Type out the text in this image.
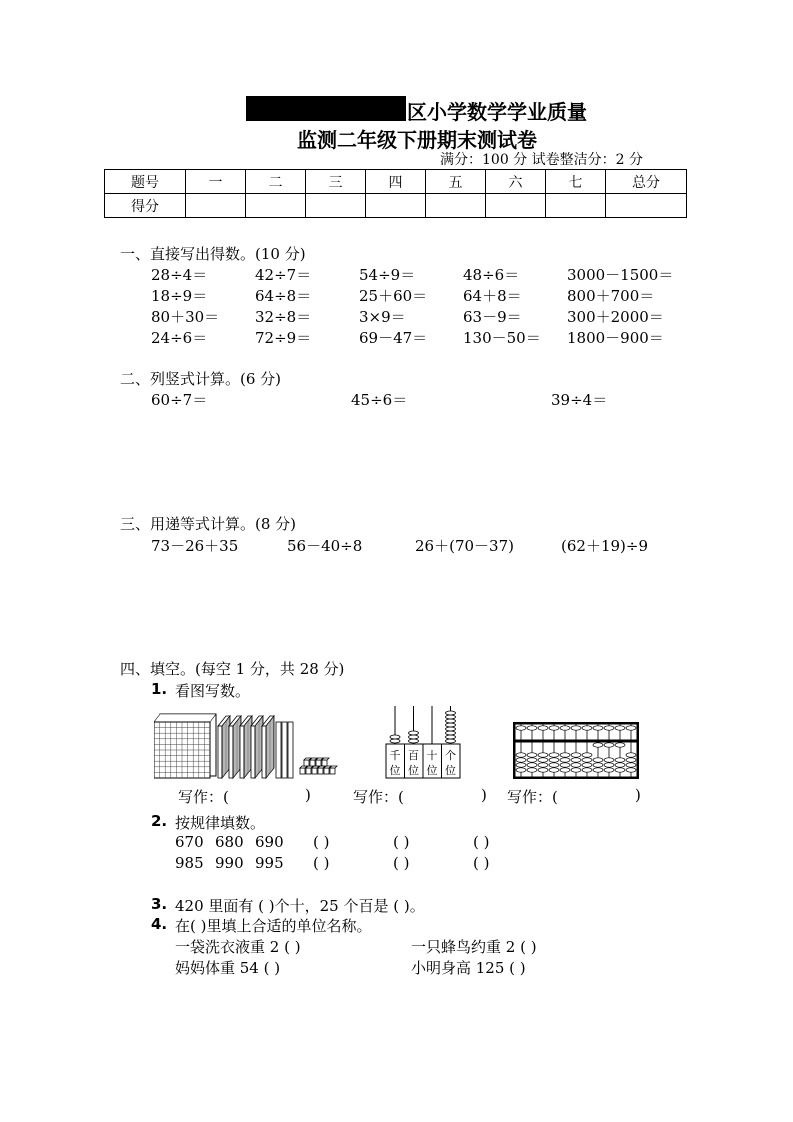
区小学数学学业质量
监测二年级下册期末测试卷
满分：100 分 试卷整洁分：2 分
题号	一	二	三	四	五	六	七	总分
得分								
一、直接写出得数。(10 分)
28÷4＝	42÷7＝	54÷9＝	48÷6＝	3000－1500＝
18÷9＝	64÷8＝	25＋60＝ 64＋8＝	800＋700＝
80＋30＝ 32÷8＝	3×9＝	63－9＝	300＋2000＝
24÷6＝	72÷9＝	69－47＝ 130－50＝ 1800－900＝
二、列竖式计算。(6 分)
60÷7＝	45÷6＝	39÷4＝
三、用递等式计算。(8 分)
73－26＋35	56－40÷8	26＋(70－37)	(62＋19)÷9
四、填空。(每空 1 分，共 28 分)
1. 看图写数。
千
位
百
位
十
位
个
位
写作：(	)	写作：(	) 写作：(	)
2. 按规律填数。
670 680 690 ( )	( )	( )
985 990 995 ( )	( )	( )
3. 420 里面有 ( )个十，25 个百是 ( )。
4. 在( )里填上合适的单位名称。
一袋洗衣液重 2 ( )	一只蜂鸟约重 2 ( )
妈妈体重 54 ( )	小明身高 125 ( )
